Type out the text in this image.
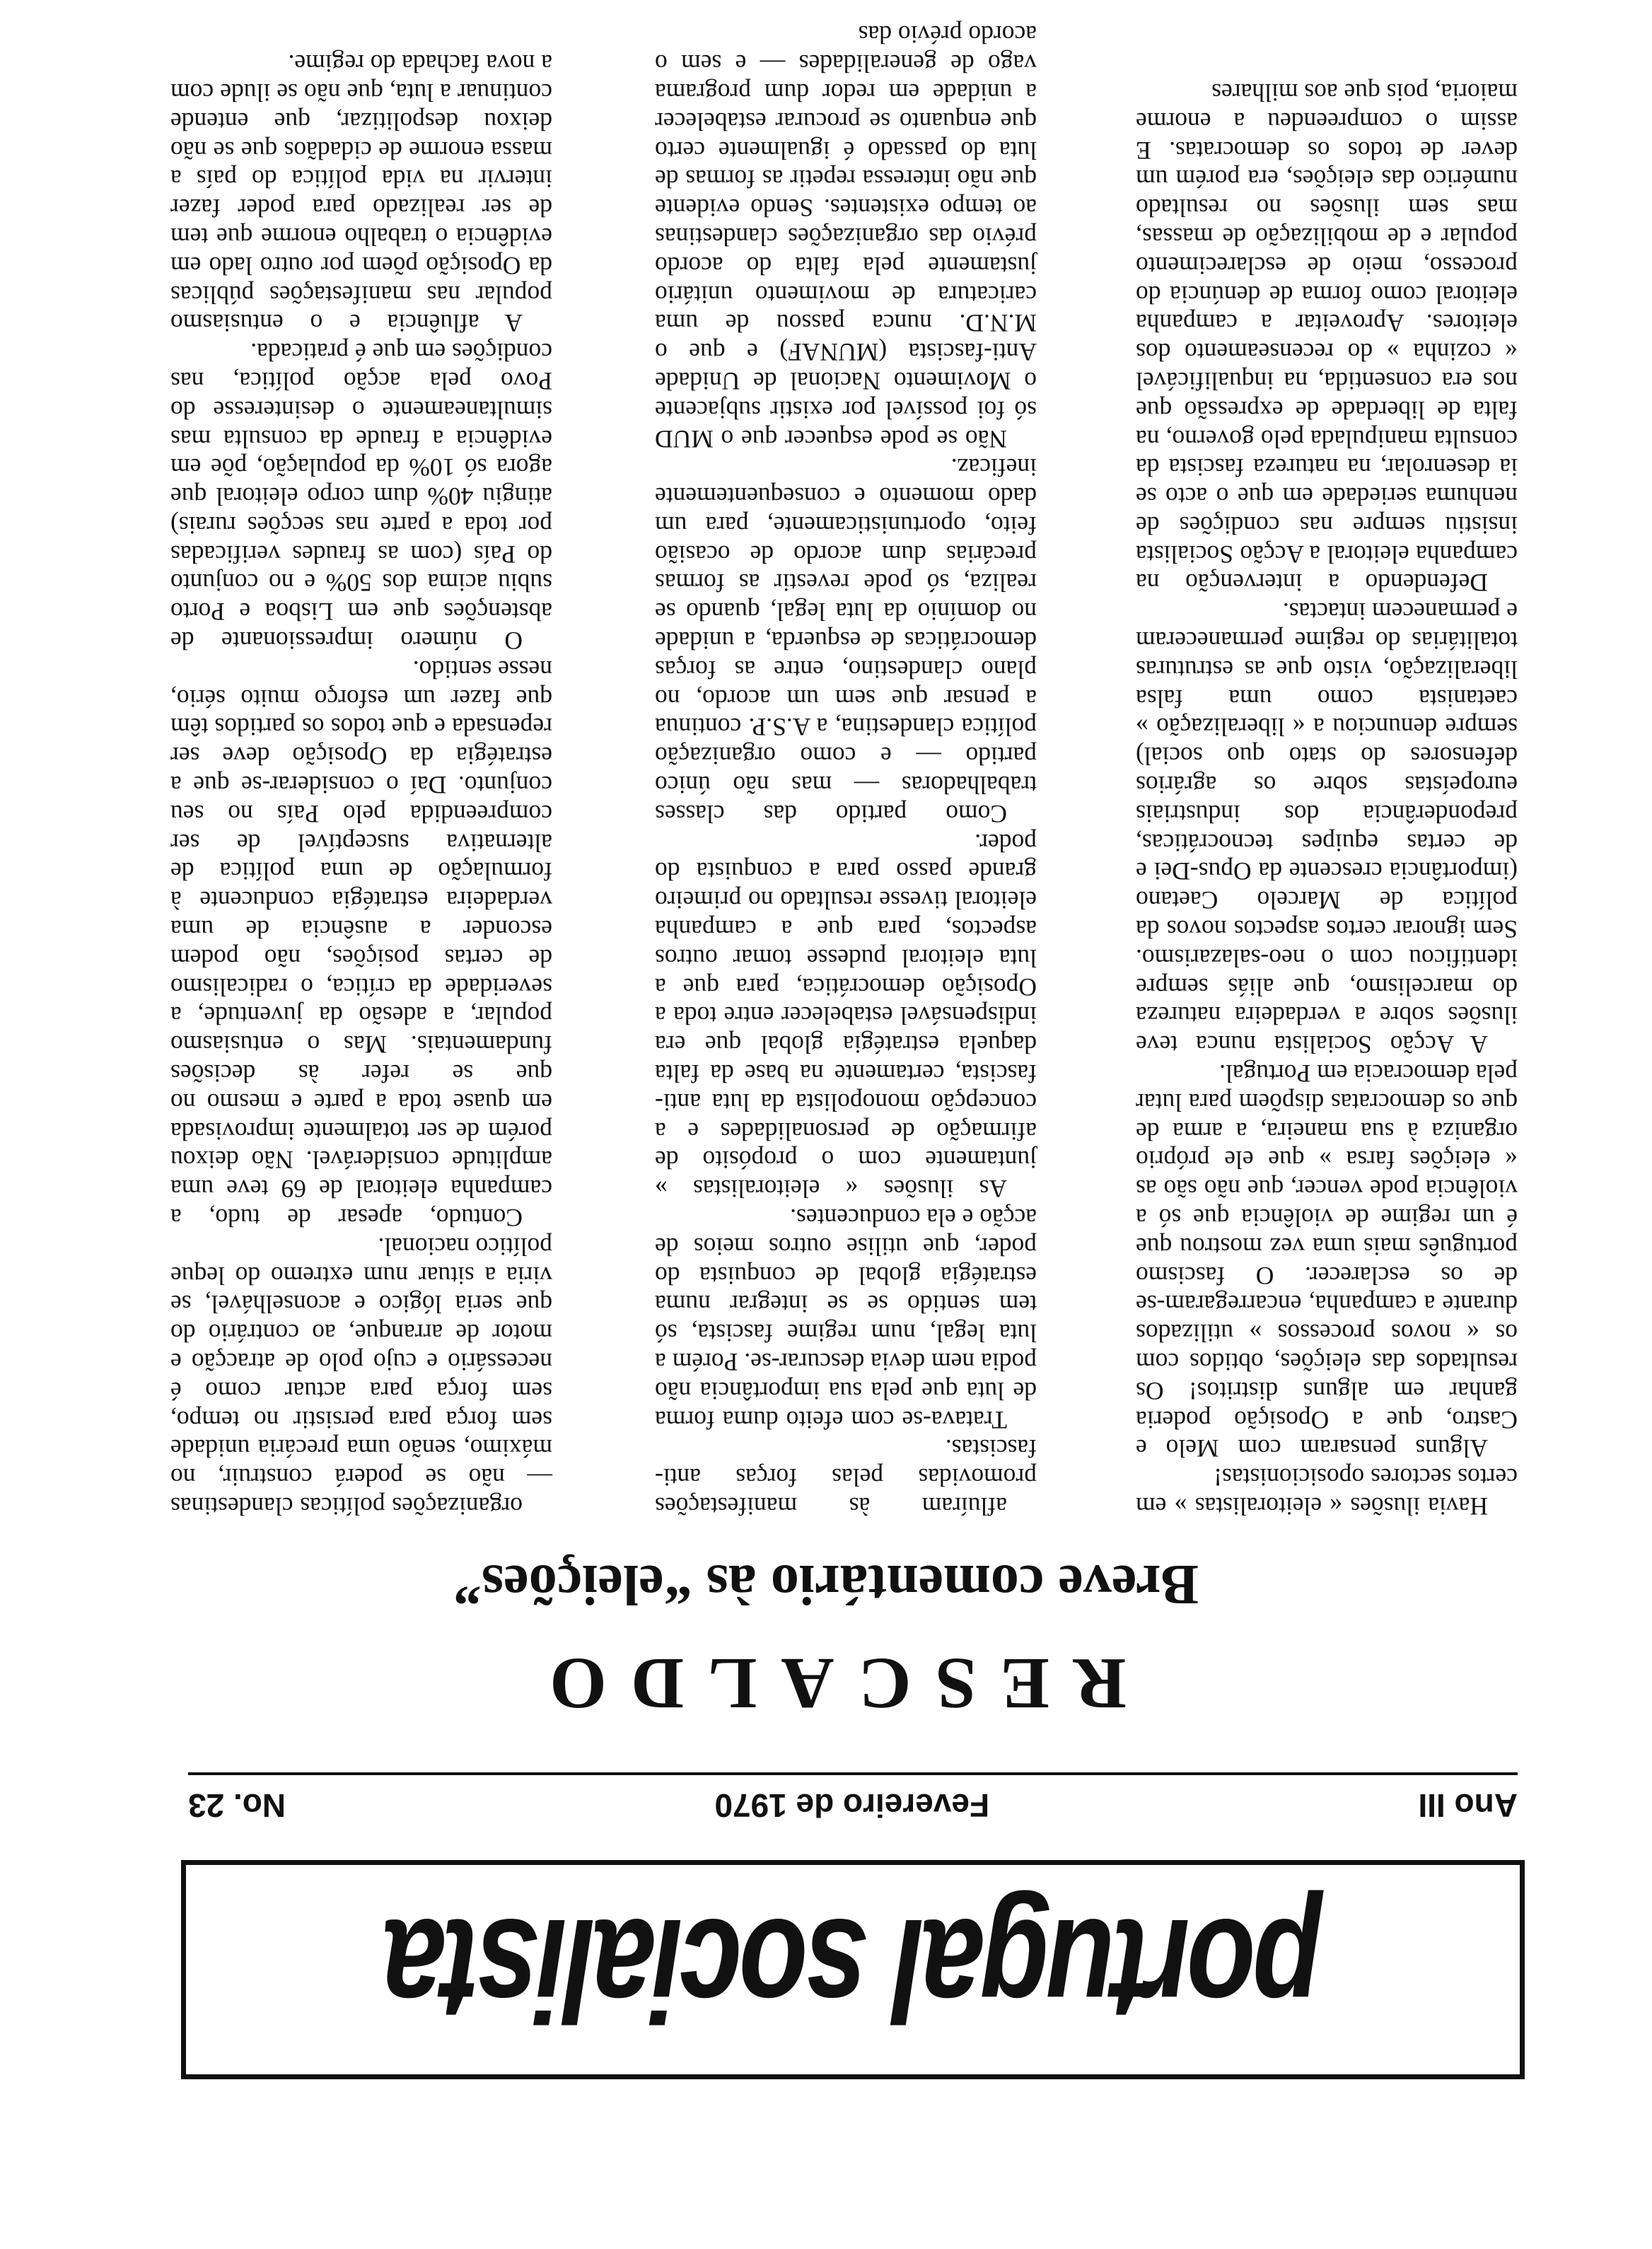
portugal socialista
Ano III
Fevereiro de 1970
No. 23
RESCALDO
Breve comentário às “eleições”

Havia ilusões « eleitoralistas » em certos sectores oposicionistas!

Alguns pensaram com Melo e Castro, que a Oposição poderia ganhar em alguns distritos! Os resultados das eleições, obtidos com os « novos processos » utilizados durante a campanha, encarregaram-se de os esclarecer. O fascismo português mais uma vez mostrou que é um regime de violência que só a violência pode vencer, que não são as « eleições farsa » que ele próprio organiza à sua maneira, a arma de que os democratas dispõem para lutar pela democracia em Portugal.

A Acção Socialista nunca teve ilusões sobre a verdadeira natureza do marcelismo, que aliás sempre identificou com o neo-salazarismo. Sem ignorar certos aspectos novos da política de Marcelo Caetano (importância crescente da Opus-Dei e de certas equipes tecnocráticas, preponderância dos industriais europeístas sobre os agrários defensores do stato quo social) sempre denunciou a « liberalização » caetanista como uma falsa liberalização, visto que as estruturas totalitárias do regime permaneceram e permanecem intactas.

Defendendo a intervenção na campanha eleitoral a Acção Socialista insistiu sempre nas condições de nenhuma seriedade em que o acto se ia desenrolar, na natureza fascista da consulta manipulada pelo governo, na falta de liberdade de expressão que nos era consentida, na inqualificável « cozinha » do recenseamento dos eleitores. Aproveitar a campanha eleitoral como forma de denúncia do processo, meio de esclarecimento popular e de mobilização de massas, mas sem ilusões no resultado numérico das eleições, era porém um dever de todos os democratas. E assim o compreendeu a enorme maioria, pois que aos milhares

afluíram às manifestações promovidas pelas forças anti-fascistas.

Tratava-se com efeito duma forma de luta que pela sua importância não podia nem devia descurar-se. Porém a luta legal, num regime fascista, só tem sentido se se integrar numa estratégia global de conquista do poder, que utilise outros meios de acção e ela conducentes.

As ilusões « eleitoralistas » juntamente com o propósito de afirmação de personalidades e a concepção monopolista da luta anti-fascista, certamente na base da falta daquela estratégia global que era indispensável estabelecer entre toda a Oposição democrática, para que a luta eleitoral pudesse tomar outros aspectos, para que a campanha eleitoral tivesse resultado no primeiro grande passo para a conquista do poder.

Como partido das classes trabalhadoras — mas não único partido — e como organização política clandestina, a A.S.P. continua a pensar que sem um acordo, no plano clandestino, entre as forças democráticas de esquerda, a unidade no domínio da luta legal, quando se realiza, só pode revestir as formas precárias dum acordo de ocasião feito, oportunisticamente, para um dado momento e consequentemente ineficaz.

Não se pode esquecer que o MUD só foi possível por existir subjacente o Movimento Nacional de Unidade Anti-fascista (MUNAF) e que o M.N.D. nunca passou de uma caricatura de movimento unitário justamente pela falta do acordo prévio das organizações clandestinas ao tempo existentes. Sendo evidente que não interessa repetir as formas de luta do passado é igualmente certo que enquanto se procurar estabelecer a unidade em redor dum programa vago de generalidades — e sem o acordo prévio das

organizações políticas clandestinas — não se poderá construir, no máximo, senão uma precária unidade sem força para persistir no tempo, sem força para actuar como é necessário e cujo polo de atracção e motor de arranque, ao contrário do que seria lógico e aconselhável, se viria a situar num extremo do leque político nacional.

Contudo, apesar de tudo, a campanha eleitoral de 69 teve uma amplitude considerável. Não deixou porém de ser totalmente improvisada em quase toda a parte e mesmo no que se refer às decisões fundamentais. Mas o entusiasmo popular, a adesão da juventude, a severidade da crítica, o radicalismo de certas posições, não podem esconder a ausência de uma verdadeira estratégia conducente à formulação de uma política de alternativa susceptível de ser compreendida pelo País no seu conjunto. Daí o considerar-se que a estratégia da Oposição deve ser repensada e que todos os partidos têm que fazer um esforço muito sério, nesse sentido.

O número impressionante de abstenções que em Lisboa e Porto subiu acima dos 50% e no conjunto do País (com as fraudes verificadas por toda a parte nas secções rurais) atingiu 40% dum corpo eleitoral que agora só 10% da população, põe em evidência a fraude da consulta mas simultaneamente o desinteresse do Povo pela acção política, nas condições em que é praticada.

A afluência e o entusiasmo popular nas manifestações públicas da Oposição põem por outro lado em evidência o trabalho enorme que tem de ser realizado para poder fazer intervir na vida política do país a massa enorme de cidadãos que se não deixou despolitizar, que entende continuar a luta, que não se ilude com a nova fachada do regime.
